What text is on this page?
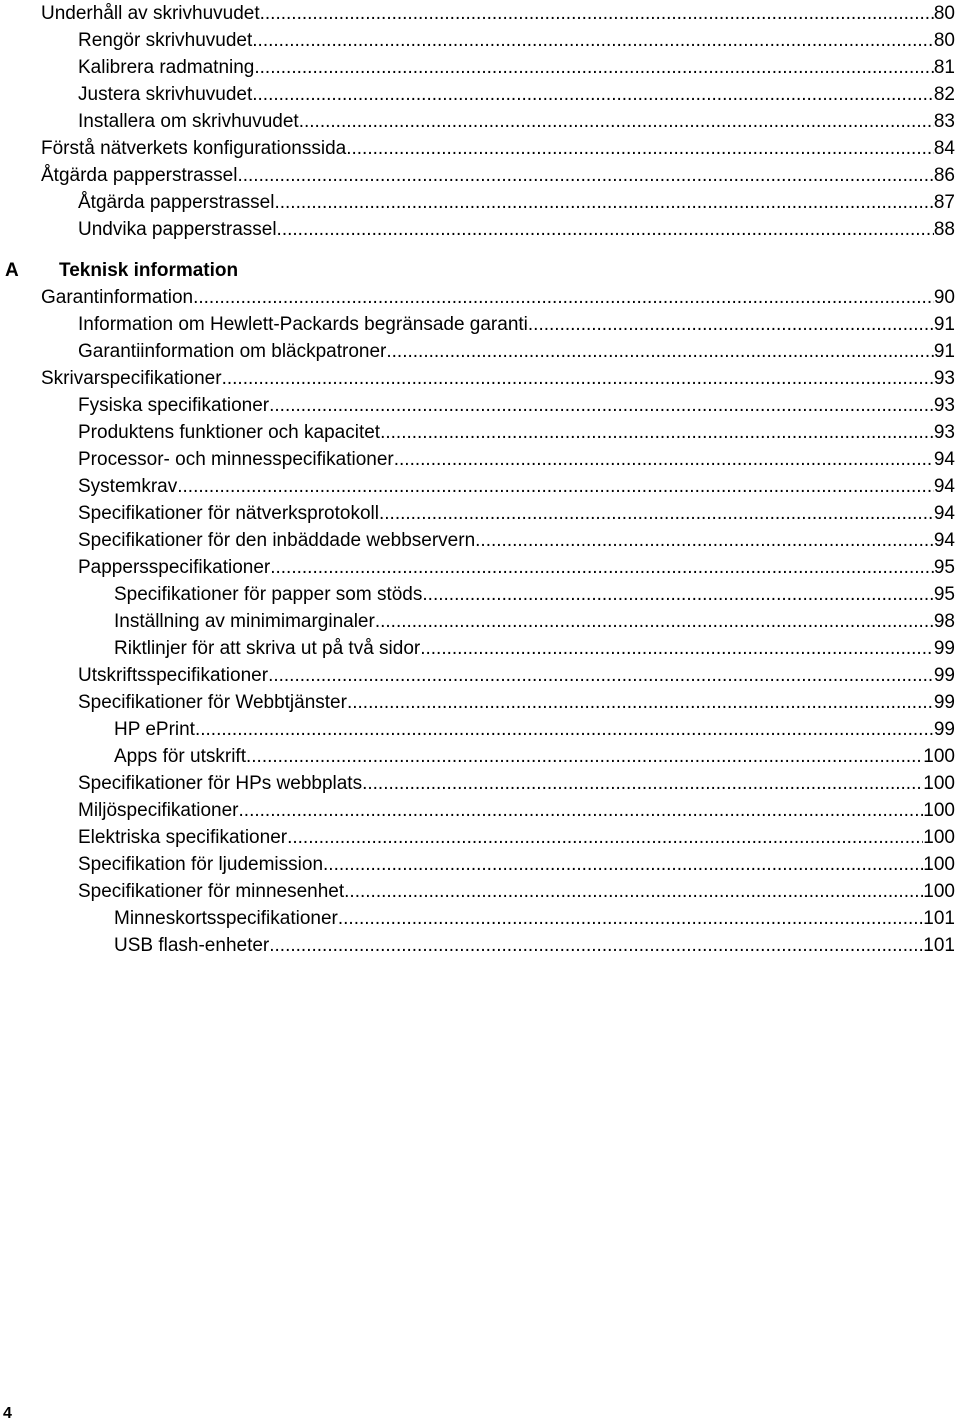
Underhåll av skrivhuvudet .....	80
Rengör skrivhuvudet .....	80
Kalibrera radmatning .....	81
Justera skrivhuvudet .....	82
Installera om skrivhuvudet .....	83
Förstå nätverkets konfigurationssida .....	84
Åtgärda papperstrassel .....	86
Åtgärda papperstrassel .....	87
Undvika papperstrassel .....	88
A Teknisk information
Garantinformation .....	90
Information om Hewlett-Packards begränsade garanti .....	91
Garantiinformation om bläckpatroner .....	91
Skrivarspecifikationer .....	93
Fysiska specifikationer .....	93
Produktens funktioner och kapacitet .....	93
Processor- och minnesspecifikationer .....	94
Systemkrav .....	94
Specifikationer för nätverksprotokoll .....	94
Specifikationer för den inbäddade webbservern .....	94
Pappersspecifikationer .....	95
Specifikationer för papper som stöds .....	95
Inställning av minimimarginaler .....	98
Riktlinjer för att skriva ut på två sidor .....	99
Utskriftsspecifikationer .....	99
Specifikationer för Webbtjänster .....	99
HP ePrint .....	99
Apps för utskrift .....	100
Specifikationer för HPs webbplats .....	100
Miljöspecifikationer .....	100
Elektriska specifikationer .....	100
Specifikation för ljudemission .....	100
Specifikationer för minnesenhet .....	100
Minneskortsspecifikationer .....	101
USB flash-enheter .....	101
4
